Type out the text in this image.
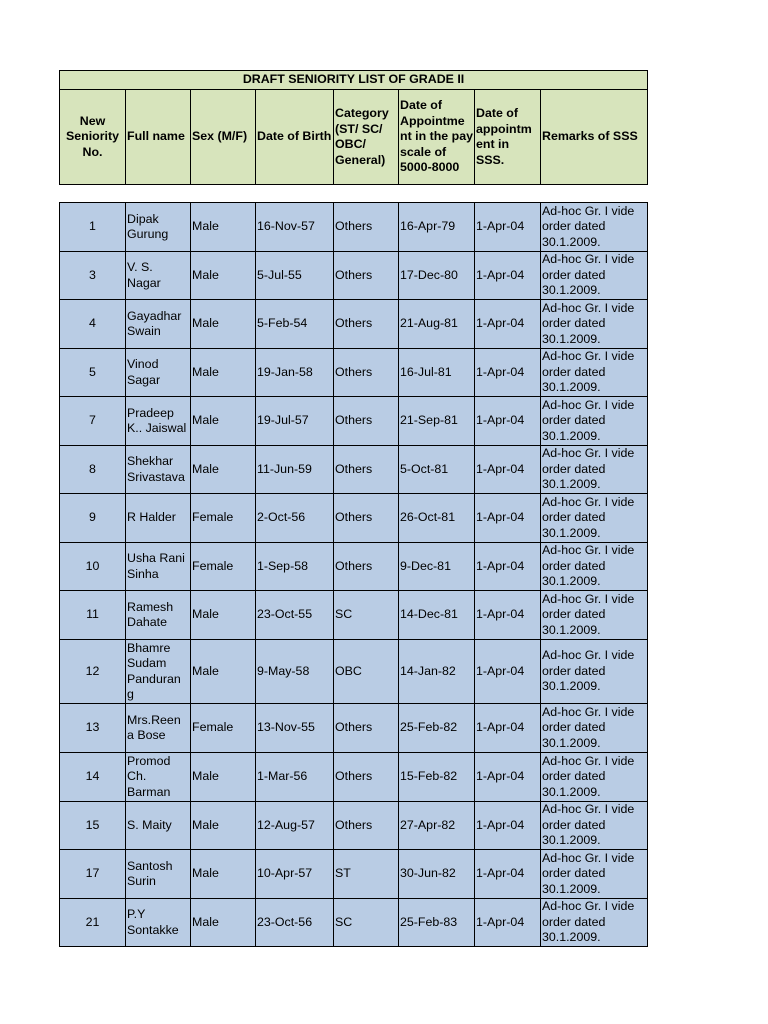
DRAFT SENIORITY LIST OF GRADE II
New Seniority No.	Full name	Sex (M/F)	Date of Birth	Category (ST/ SC/ OBC/ General)	Date of Appointme nt in the pay scale of 5000-8000	Date of appointm ent in SSS.	Remarks of SSS
1	Dipak Gurung	Male	16-Nov-57	Others	16-Apr-79	1-Apr-04	Ad-hoc Gr. I vide order dated 30.1.2009.
3	V. S. Nagar	Male	5-Jul-55	Others	17-Dec-80	1-Apr-04	Ad-hoc Gr. I vide order dated 30.1.2009.
4	Gayadhar Swain	Male	5-Feb-54	Others	21-Aug-81	1-Apr-04	Ad-hoc Gr. I vide order dated 30.1.2009.
5	Vinod Sagar	Male	19-Jan-58	Others	16-Jul-81	1-Apr-04	Ad-hoc Gr. I vide order dated 30.1.2009.
7	Pradeep K.. Jaiswal	Male	19-Jul-57	Others	21-Sep-81	1-Apr-04	Ad-hoc Gr. I vide order dated 30.1.2009.
8	Shekhar Srivastava	Male	11-Jun-59	Others	5-Oct-81	1-Apr-04	Ad-hoc Gr. I vide order dated 30.1.2009.
9	R Halder	Female	2-Oct-56	Others	26-Oct-81	1-Apr-04	Ad-hoc Gr. I vide order dated 30.1.2009.
10	Usha Rani Sinha	Female	1-Sep-58	Others	9-Dec-81	1-Apr-04	Ad-hoc Gr. I vide order dated 30.1.2009.
11	Ramesh Dahate	Male	23-Oct-55	SC	14-Dec-81	1-Apr-04	Ad-hoc Gr. I vide order dated 30.1.2009.
12	Bhamre Sudam Panduran g	Male	9-May-58	OBC	14-Jan-82	1-Apr-04	Ad-hoc Gr. I vide order dated 30.1.2009.
13	Mrs.Reen a Bose	Female	13-Nov-55	Others	25-Feb-82	1-Apr-04	Ad-hoc Gr. I vide order dated 30.1.2009.
14	Promod Ch. Barman	Male	1-Mar-56	Others	15-Feb-82	1-Apr-04	Ad-hoc Gr. I vide order dated 30.1.2009.
15	S. Maity	Male	12-Aug-57	Others	27-Apr-82	1-Apr-04	Ad-hoc Gr. I vide order dated 30.1.2009.
17	Santosh Surin	Male	10-Apr-57	ST	30-Jun-82	1-Apr-04	Ad-hoc Gr. I vide order dated 30.1.2009.
21	P.Y Sontakke	Male	23-Oct-56	SC	25-Feb-83	1-Apr-04	Ad-hoc Gr. I vide order dated 30.1.2009.
